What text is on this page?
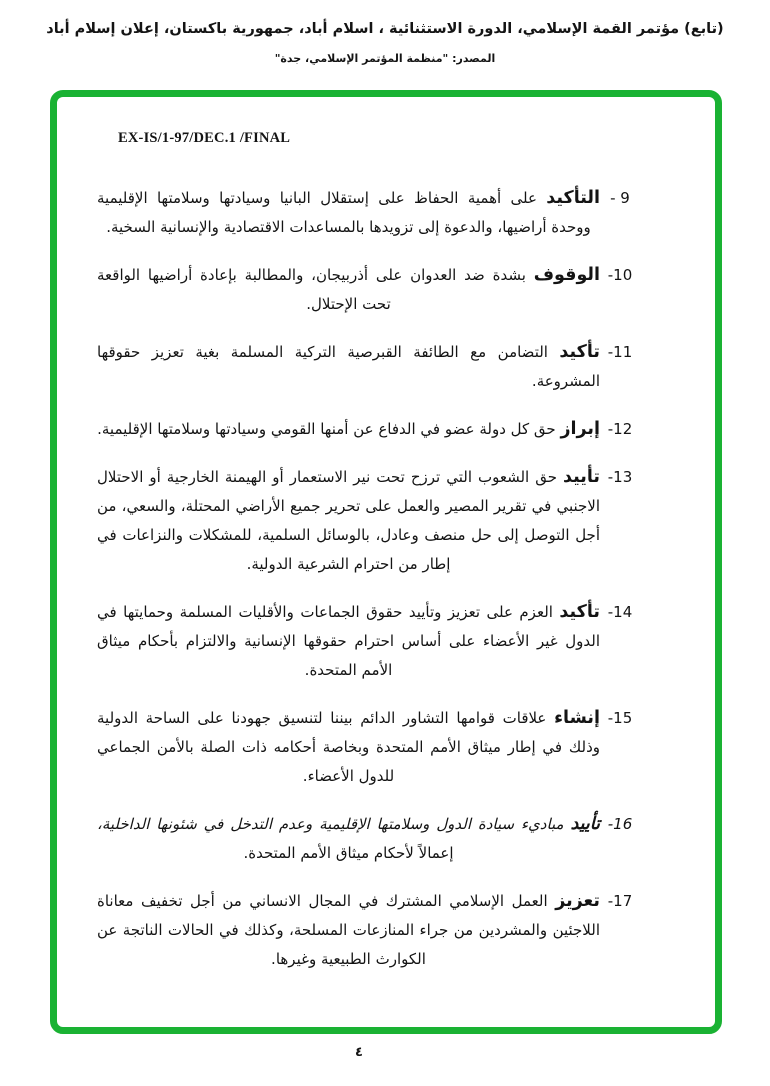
(تابع) مؤتمر القمة الإسلامي، الدورة الاستثنائية ، اسلام أباد، جمهورية باكستان، إعلان إسلام أباد
المصدر: "منظمة المؤتمر الإسلامي، جدة"
EX-IS/1-97/DEC.1 /FINAL
- 9
التأكيد على أهمية الحفاظ على إستقلال البانيا وسيادتها وسلامتها الإقليمية ووحدة أراضيها، والدعوة إلى تزويدها بالمساعدات الاقتصادية والإنسانية السخية.
-10
الوقوف بشدة ضد العدوان على أذربيجان، والمطالبة بإعادة أراضيها الواقعة تحت الإحتلال.
-11
تأكيد التضامن مع الطائفة القبرصية التركية المسلمة بغية تعزيز حقوقها المشروعة.
-12
إبراز حق كل دولة عضو في الدفاع عن أمنها القومي وسيادتها وسلامتها الإقليمية.
-13
تأييد حق الشعوب التي ترزح تحت نير الاستعمار أو الهيمنة الخارجية أو الاحتلال الاجنبي في تقرير المصير والعمل على تحرير جميع الأراضي المحتلة، والسعي، من أجل التوصل إلى حل منصف وعادل، بالوسائل السلمية، للمشكلات والنزاعات في إطار من احترام الشرعية الدولية.
-14
تأكيد العزم على تعزيز وتأييد حقوق الجماعات والأقليات المسلمة وحمايتها في الدول غير الأعضاء على أساس احترام حقوقها الإنسانية والالتزام بأحكام ميثاق الأمم المتحدة.
-15
إنشاء علاقات قوامها التشاور الدائم بيننا لتنسيق جهودنا على الساحة الدولية وذلك في إطار ميثاق الأمم المتحدة وبخاصة أحكامه ذات الصلة بالأمن الجماعي للدول الأعضاء.
-16
تأييد مباديء سيادة الدول وسلامتها الإقليمية وعدم التدخل في شئونها الداخلية، إعمالاً لأحكام ميثاق الأمم المتحدة.
-17
تعزيز العمل الإسلامي المشترك في المجال الانساني من أجل تخفيف معاناة اللاجئين والمشردين من جراء المنازعات المسلحة، وكذلك في الحالات الناتجة عن الكوارث الطبيعية وغيرها.
٤
